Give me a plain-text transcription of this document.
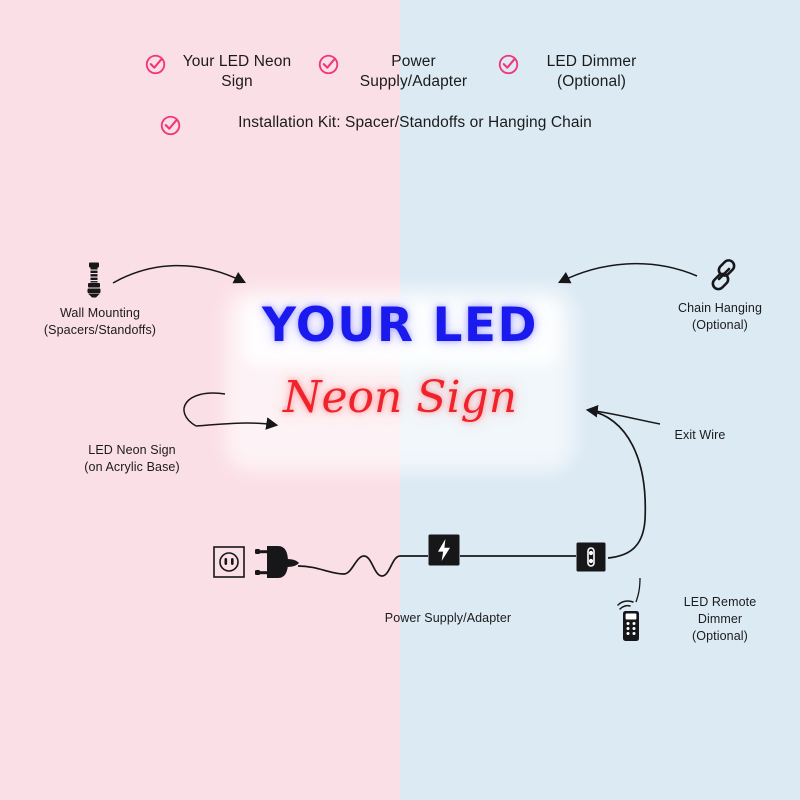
Your LED Neon Sign
Power Supply/Adapter
LED Dimmer (Optional)
Installation Kit: Spacer/Standoffs or Hanging Chain
YOUR LED
Neon Sign
Wall Mounting
(Spacers/Standoffs)
Chain Hanging
(Optional)
LED Neon Sign
(on Acrylic Base)
Exit Wire
Power Supply/Adapter
LED Remote
Dimmer
(Optional)
